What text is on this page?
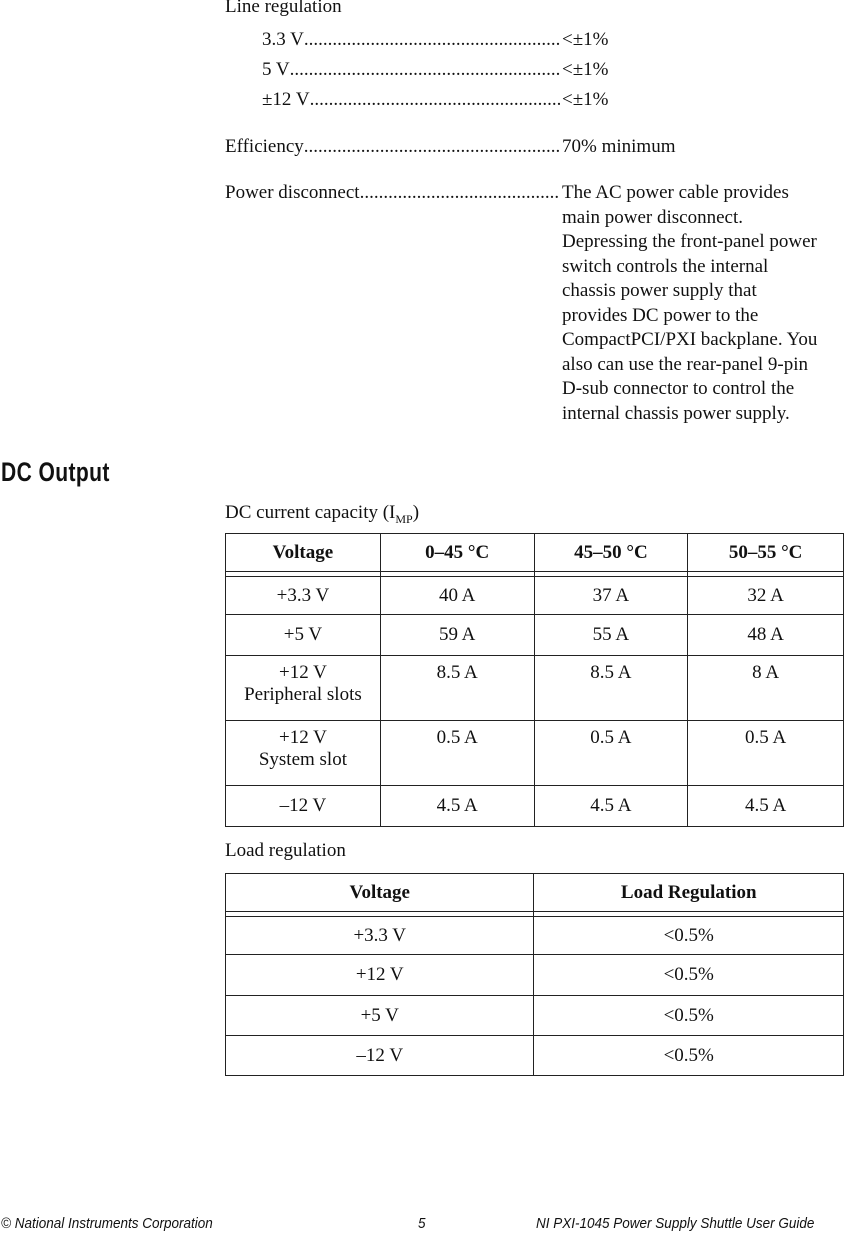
Line regulation
3.3 V .....	<±1%
5 V .....	<±1%
±12 V .....	<±1%
Efficiency .....	70% minimum
Power disconnect .....	The AC power cable provides
main power disconnect.
Depressing the front-panel power
switch controls the internal
chassis power supply that
provides DC power to the
CompactPCI/PXI backplane. You
also can use the rear-panel 9-pin
D-sub connector to control the
internal chassis power supply.
DC Output
DC current capacity $(I_{MP})$
Voltage	0–45 °C	45–50 °C	50–55 °C

+3.3 V	40 A	37 A	32 A

+5 V	59 A	55 A	48 A

+12 V
Peripheral slots	8.5 A	8.5 A	8 A

+12 V
System slot	0.5 A	0.5 A	0.5 A

–12 V	4.5 A	4.5 A	4.5 A
Load regulation
Voltage	Load Regulation

+3.3 V	<0.5%
+12 V	<0.5%
+5 V	<0.5%
–12 V	<0.5%
© National Instruments Corporation	5	NI PXI-1045 Power Supply Shuttle User Guide
